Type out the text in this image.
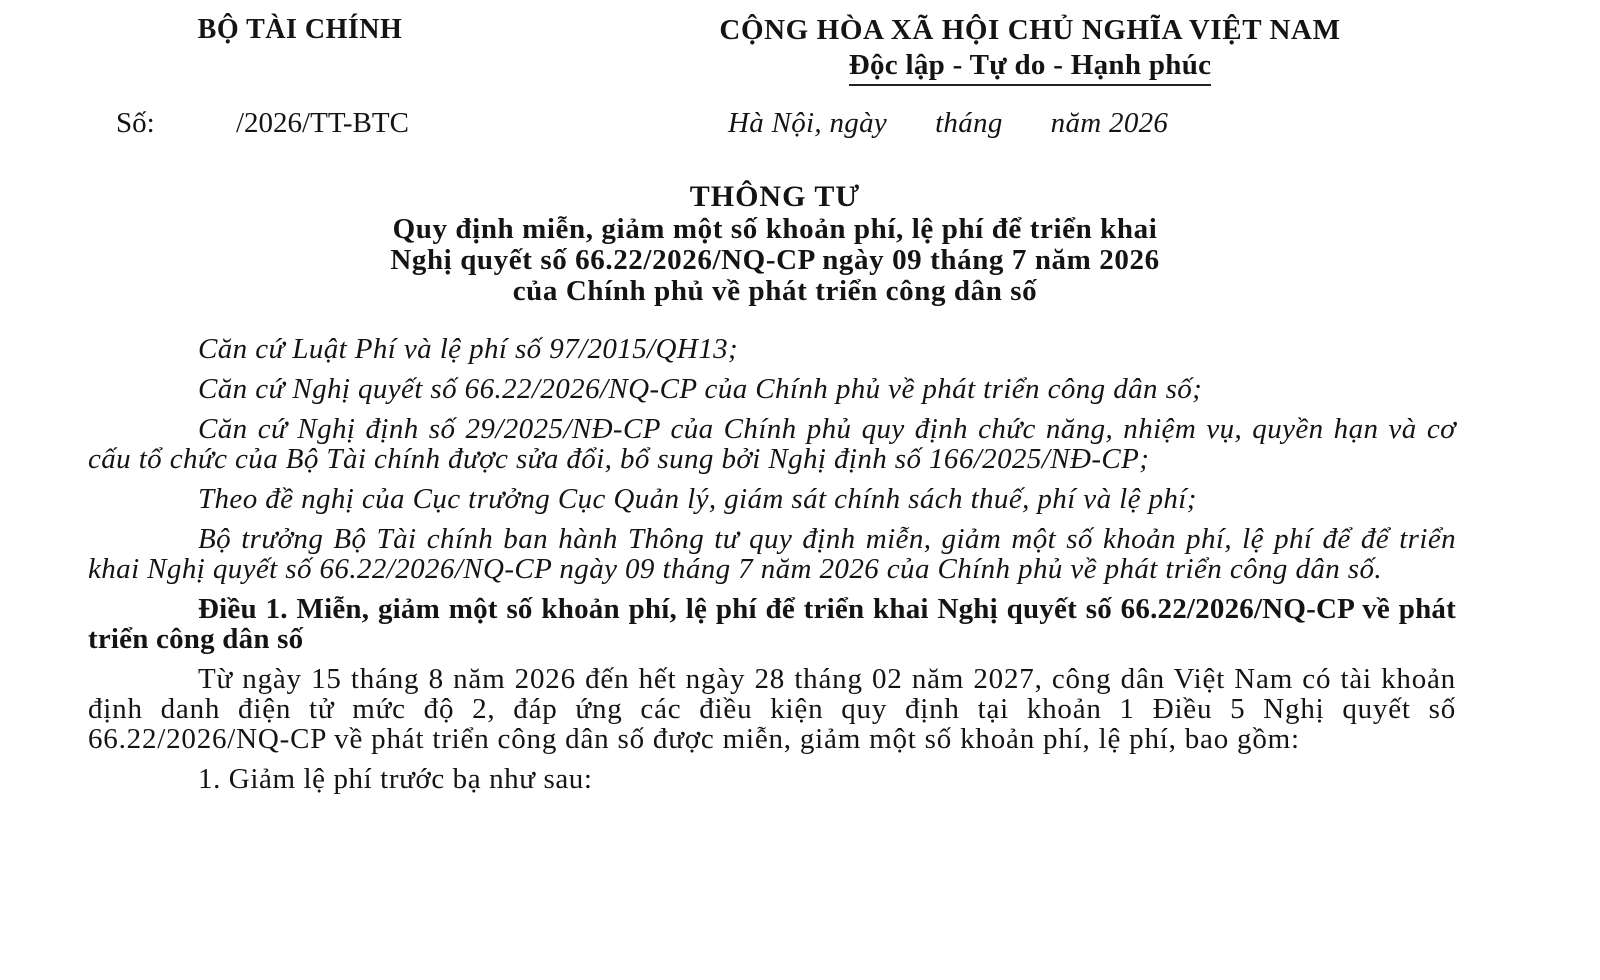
BỘ TÀI CHÍNH	CỘNG HÒA XÃ HỘI CHỦ NGHĨA VIỆT NAM
Độc lập - Tự do - Hạnh phúc
Số:	/2026/TT-BTC	Hà Nội, ngày tháng năm 2026
THÔNG TƯ
Quy định miễn, giảm một số khoản phí, lệ phí để triển khai
Nghị quyết số 66.22/2026/NQ-CP ngày 09 tháng 7 năm 2026
của Chính phủ về phát triển công dân số

Căn cứ Luật Phí và lệ phí số 97/2015/QH13;

Căn cứ Nghị quyết số 66.22/2026/NQ-CP của Chính phủ về phát triển công dân số;

Căn cứ Nghị định số 29/2025/NĐ-CP của Chính phủ quy định chức năng, nhiệm vụ, quyền hạn và cơ cấu tổ chức của Bộ Tài chính được sửa đổi, bổ sung bởi Nghị định số 166/2025/NĐ-CP;

Theo đề nghị của Cục trưởng Cục Quản lý, giám sát chính sách thuế, phí và lệ phí;

Bộ trưởng Bộ Tài chính ban hành Thông tư quy định miễn, giảm một số khoản phí, lệ phí để để triển khai Nghị quyết số 66.22/2026/NQ-CP ngày 09 tháng 7 năm 2026 của Chính phủ về phát triển công dân số.

Điều 1. Miễn, giảm một số khoản phí, lệ phí để triển khai Nghị quyết số 66.22/2026/NQ-CP về phát triển công dân số

Từ ngày 15 tháng 8 năm 2026 đến hết ngày 28 tháng 02 năm 2027, công dân Việt Nam có tài khoản định danh điện tử mức độ 2, đáp ứng các điều kiện quy định tại khoản 1 Điều 5 Nghị quyết số 66.22/2026/NQ-CP về phát triển công dân số được miễn, giảm một số khoản phí, lệ phí, bao gồm:

1. Giảm lệ phí trước bạ như sau:
